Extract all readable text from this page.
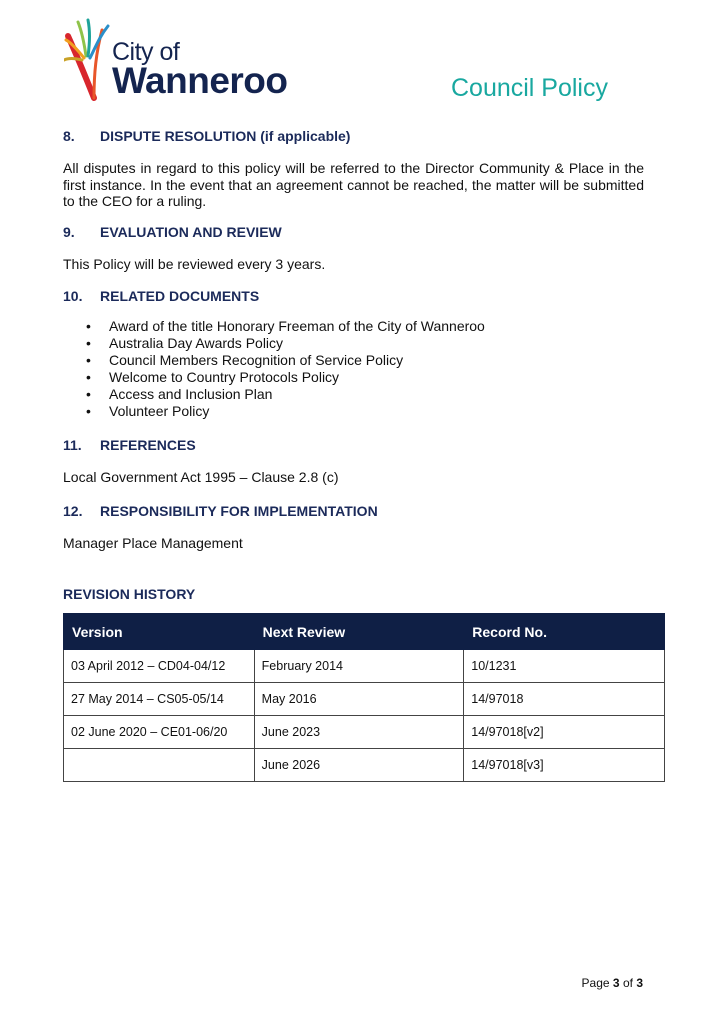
City of
Wanneroo	Council Policy
8. DISPUTE RESOLUTION (if applicable)
All disputes in regard to this policy will be referred to the Director Community & Place in the first instance. In the event that an agreement cannot be reached, the matter will be submitted to the CEO for a ruling.
9. EVALUATION AND REVIEW
This Policy will be reviewed every 3 years.
10. RELATED DOCUMENTS
• Award of the title Honorary Freeman of the City of Wanneroo
• Australia Day Awards Policy
• Council Members Recognition of Service Policy
• Welcome to Country Protocols Policy
• Access and Inclusion Plan
• Volunteer Policy
11. REFERENCES
Local Government Act 1995 – Clause 2.8 (c)
12. RESPONSIBILITY FOR IMPLEMENTATION
Manager Place Management
REVISION HISTORY
Version	Next Review	Record No.
03 April 2012 – CD04-04/12	February 2014	10/1231
27 May 2014 – CS05-05/14	May 2016	14/97018
02 June 2020 – CE01-06/20	June 2023	14/97018[v2]
	June 2026	14/97018[v3]
Page 3 of 3
